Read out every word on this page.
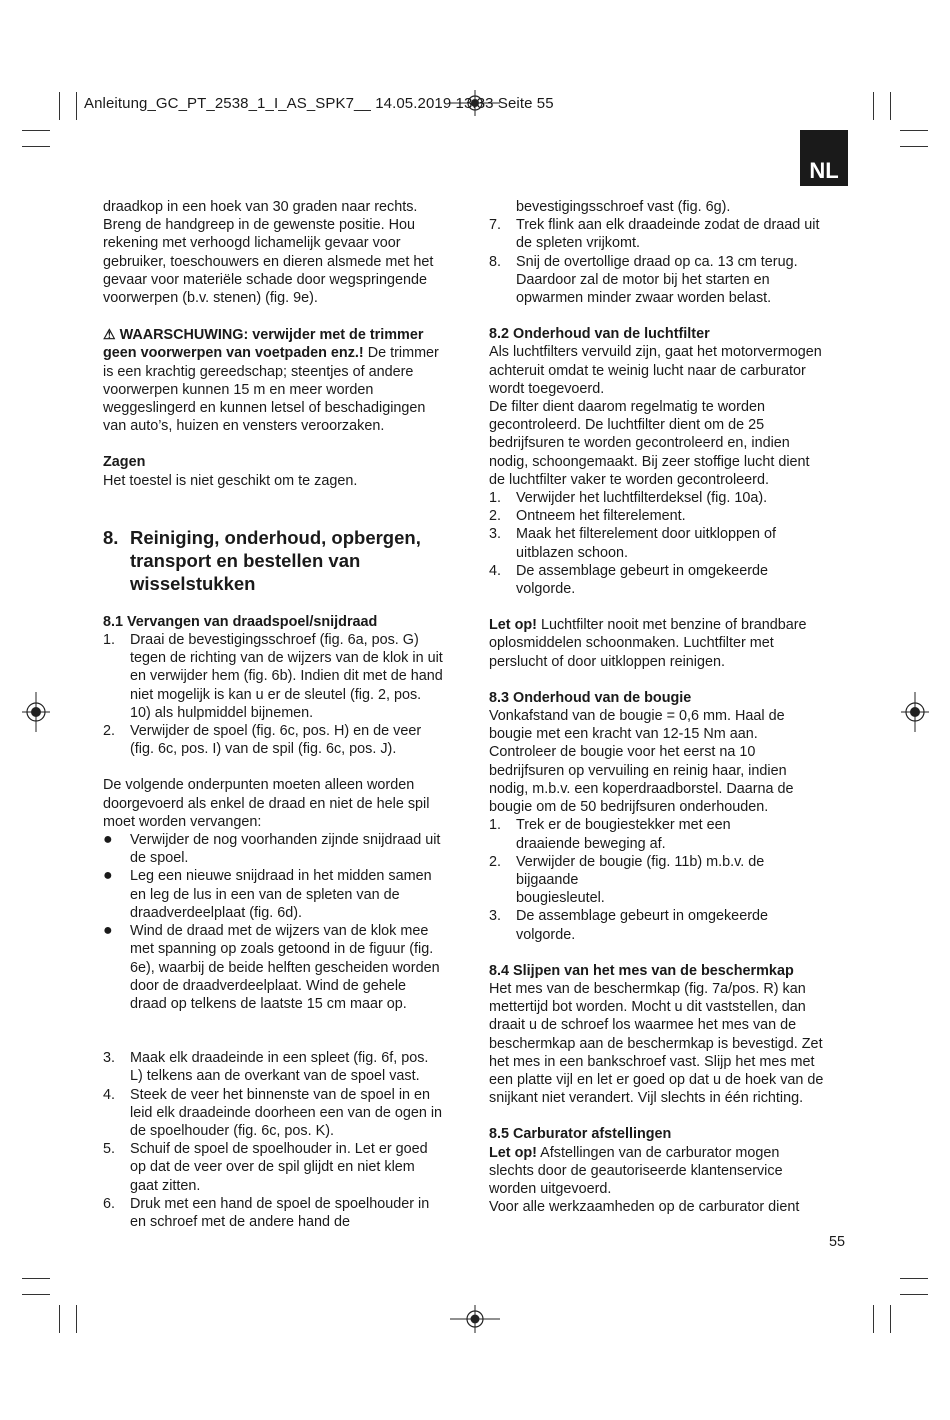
Anleitung_GC_PT_2538_1_I_AS_SPK7__ 14.05.2019 13:33 Seite 55
NL

draadkop in een hoek van 30 graden naar rechts.

Breng de handgreep in de gewenste positie. Hou

rekening met verhoogd lichamelijk gevaar voor

gebruiker, toeschouwers en dieren alsmede met het

gevaar voor materiële schade door wegspringende

voorwerpen (b.v. stenen) (fig. 9e).

⚠ WAARSCHUWING: verwijder met de trimmer

geen voorwerpen van voetpaden enz.! De trimmer

is een krachtig gereedschap; steentjes of andere

voorwerpen kunnen 15 m en meer worden

weggeslingerd en kunnen letsel of beschadigingen

van auto’s, huizen en vensters veroorzaken.

Zagen

Het toestel is niet geschikt om te zagen.

8. Reiniging, onderhoud, opbergen,
transport en bestellen van
wisselstukken

8.1 Vervangen van draadspoel/snijdraad

1.	Draai de bevestigingsschroef (fig. 6a, pos. G)
tegen de richting van de wijzers van de klok in uit
en verwijder hem (fig. 6b). Indien dit met de hand
niet mogelijk is kan u er de sleutel (fig. 2, pos.
10) als hulpmiddel bijnemen.
2.	Verwijder de spoel (fig. 6c, pos. H) en de veer
(fig. 6c, pos. I) van de spil (fig. 6c, pos. J).

De volgende onderpunten moeten alleen worden

doorgevoerd als enkel de draad en niet de hele spil

moet worden vervangen:

●	Verwijder de nog voorhanden zijnde snijdraad uit
de spoel.
●	Leg een nieuwe snijdraad in het midden samen
en leg de lus in een van de spleten van de
draadverdeelplaat (fig. 6d).
●	Wind de draad met de wijzers van de klok mee
met spanning op zoals getoond in de figuur (fig.
6e), waarbij de beide helften gescheiden worden
door de draadverdeelplaat. Wind de gehele
draad op telkens de laatste 15 cm maar op.
3.	Maak elk draadeinde in een spleet (fig. 6f, pos.
L) telkens aan de overkant van de spoel vast.
4.	Steek de veer het binnenste van de spoel in en
leid elk draadeinde doorheen een van de ogen in
de spoelhouder (fig. 6c, pos. K).
5.	Schuif de spoel de spoelhouder in. Let er goed
op dat de veer over de spil glijdt en niet klem
gaat zitten.
6.	Druk met een hand de spoel de spoelhouder in
en schroef met de andere hand de
bevestigingsschroef vast (fig. 6g).
7.	Trek flink aan elk draadeinde zodat de draad uit
de spleten vrijkomt.
8.	Snij de overtollige draad op ca. 13 cm terug.
Daardoor zal de motor bij het starten en
opwarmen minder zwaar worden belast.

8.2 Onderhoud van de luchtfilter

Als luchtfilters vervuild zijn, gaat het motorvermogen

achteruit omdat te weinig lucht naar de carburator

wordt toegevoerd.

De filter dient daarom regelmatig te worden

gecontroleerd. De luchtfilter dient om de 25

bedrijfsuren te worden gecontroleerd en, indien

nodig, schoongemaakt. Bij zeer stoffige lucht dient

de luchtfilter vaker te worden gecontroleerd.

1.	Verwijder het luchtfilterdeksel (fig. 10a).
2.	Ontneem het filterelement.
3.	Maak het filterelement door uitkloppen of
uitblazen schoon.
4.	De assemblage gebeurt in omgekeerde
volgorde.

Let op! Luchtfilter nooit met benzine of brandbare

oplosmiddelen schoonmaken. Luchtfilter met

perslucht of door uitkloppen reinigen.

8.3 Onderhoud van de bougie

Vonkafstand van de bougie = 0,6 mm. Haal de

bougie met een kracht van 12-15 Nm aan.

Controleer de bougie voor het eerst na 10

bedrijfsuren op vervuiling en reinig haar, indien

nodig, m.b.v. een koperdraadborstel. Daarna de

bougie om de 50 bedrijfsuren onderhouden.

1.	Trek er de bougiestekker met een
draaiende beweging af.
2.	Verwijder de bougie (fig. 11b) m.b.v. de
bijgaande
bougiesleutel.
3.	De assemblage gebeurt in omgekeerde
volgorde.

8.4 Slijpen van het mes van de beschermkap

Het mes van de beschermkap (fig. 7a/pos. R) kan

mettertijd bot worden. Mocht u dit vaststellen, dan

draait u de schroef los waarmee het mes van de

beschermkap aan de beschermkap is bevestigd. Zet

het mes in een bankschroef vast. Slijp het mes met

een platte vijl en let er goed op dat u de hoek van de

snijkant niet verandert. Vijl slechts in één richting.

8.5 Carburator afstellingen

Let op! Afstellingen van de carburator mogen

slechts door de geautoriseerde klantenservice

worden uitgevoerd.

Voor alle werkzaamheden op de carburator dient

55
